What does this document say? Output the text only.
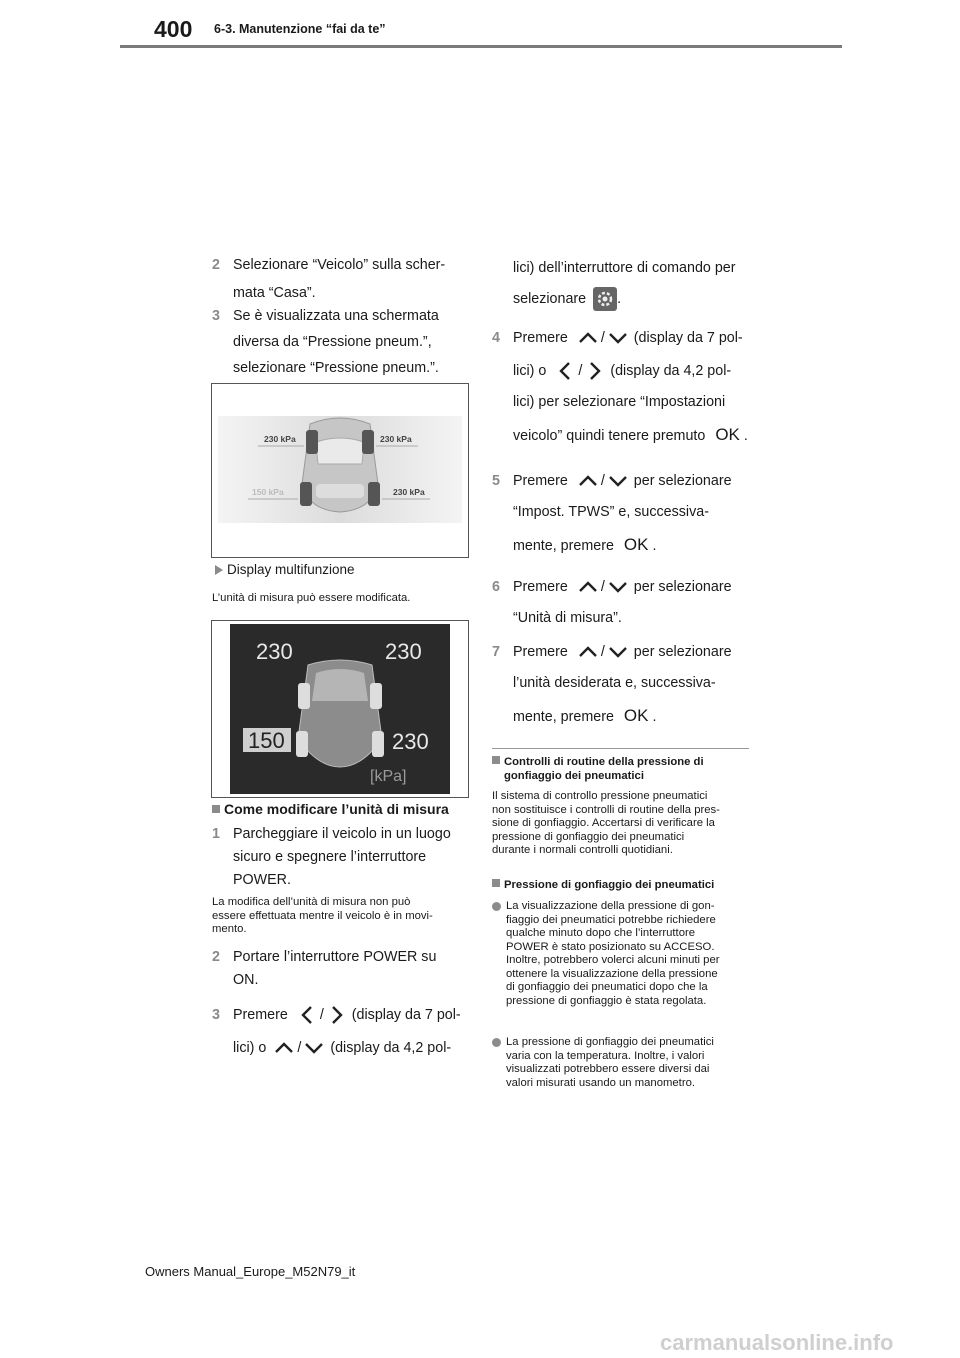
400 6-3. Manutenzione “fai da te”
2 Selezionare “Veicolo” sulla scher-
mata “Casa”.
3 Se è visualizzata una schermata
diversa da “Pressione pneum.”,
selezionare “Pressione pneum.”.
230 kPa	230 kPa
150 kPa	230 kPa
Display multifunzione
L’unità di misura può essere modificata.
230	230
150	230
[kPa]
Come modificare l’unità di misura
1 Parcheggiare il veicolo in un luogo
sicuro e spegnere l’interruttore
POWER.
La modifica dell’unità di misura non può
essere effettuata mentre il veicolo è in movi-
mento.
2 Portare l’interruttore POWER su
ON.
3 Premere / (display da 7 pol-
lici) o / (display da 4,2 pol-
lici) dell’interruttore di comando per
selezionare .
4 Premere / (display da 7 pol-
lici) o / (display da 4,2 pol-
lici) per selezionare “Impostazioni
veicolo” quindi tenere premuto OK .
5 Premere / per selezionare
“Impost. TPWS” e, successiva-
mente, premere OK .
6 Premere / per selezionare
“Unità di misura”.
7 Premere / per selezionare
l’unità desiderata e, successiva-
mente, premere OK .
Controlli di routine della pressione di
gonfiaggio dei pneumatici
Il sistema di controllo pressione pneumatici
non sostituisce i controlli di routine della pres-
sione di gonfiaggio. Accertarsi di verificare la
pressione di gonfiaggio dei pneumatici
durante i normali controlli quotidiani.
Pressione di gonfiaggio dei pneumatici
La visualizzazione della pressione di gon-
fiaggio dei pneumatici potrebbe richiedere
qualche minuto dopo che l’interruttore
POWER è stato posizionato su ACCESO.
Inoltre, potrebbero volerci alcuni minuti per
ottenere la visualizzazione della pressione
di gonfiaggio dei pneumatici dopo che la
pressione di gonfiaggio è stata regolata.
La pressione di gonfiaggio dei pneumatici
varia con la temperatura. Inoltre, i valori
visualizzati potrebbero essere diversi dai
valori misurati usando un manometro.
Owners Manual_Europe_M52N79_it
carmanualsonline.info
